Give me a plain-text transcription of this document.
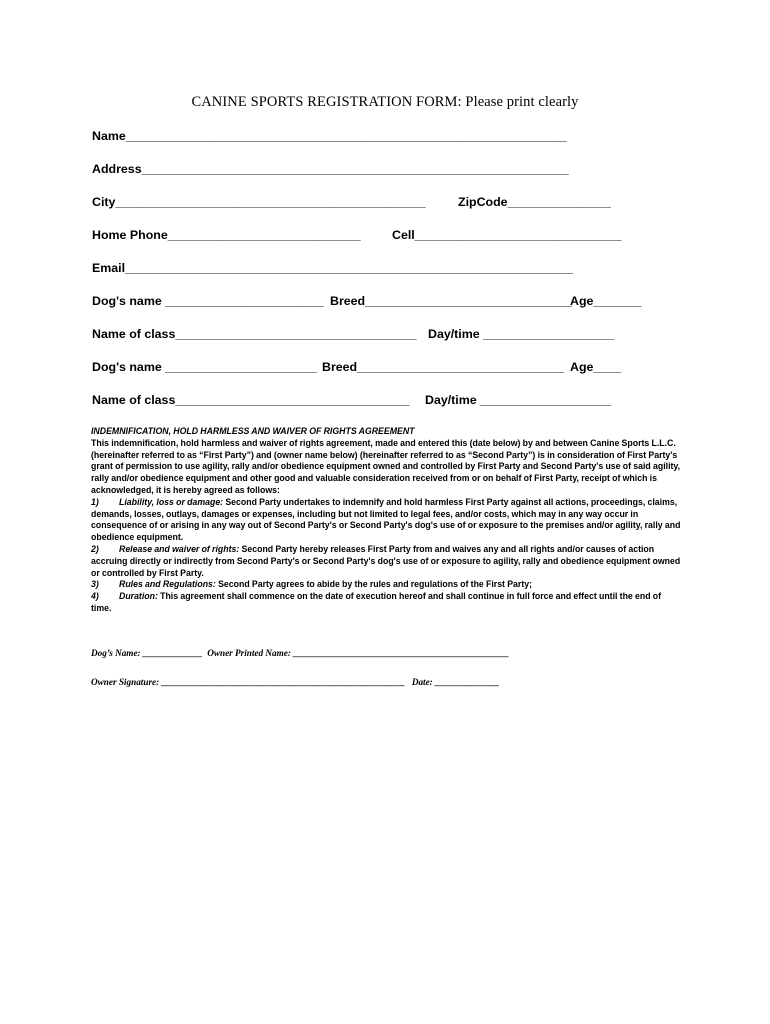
CANINE SPORTS REGISTRATION FORM: Please print clearly
Name________________________________________________________________
Address______________________________________________________________
City_____________________________________________	ZipCode_______________
Home Phone____________________________	Cell______________________________
Email_________________________________________________________________
Dog's name _______________________ Breed______________________________
Age_______
Name of class___________________________________ Day/time ___________________
Dog's name ______________________ Breed______________________________ Age____
Name of class__________________________________ Day/time ___________________

INDEMNIFICATION, HOLD HARMLESS AND WAIVER OF RIGHTS AGREEMENT

This indemnification, hold harmless and waiver of rights agreement, made and entered this (date below) by and between Canine Sports L.L.C. (hereinafter referred to as “First Party”) and (owner name below) (hereinafter referred to as “Second Party”) is in consideration of First Party's grant of permission to use agility, rally and/or obedience equipment owned and controlled by First Party and Second Party's use of said agility, rally and/or obedience equipment and other good and valuable consideration received from or on behalf of First Party, receipt of which is acknowledged, it is hereby agreed as follows:

1) Liability, loss or damage: Second Party undertakes to indemnify and hold harmless First Party against all actions, proceedings, claims, demands, losses, outlays, damages or expenses, including but not limited to legal fees, and/or costs, which may in any way occur in consequence of or arising in any way out of Second Party's or Second Party's dog's use of or exposure to the premises and/or agility, rally and obedience equipment.

2) Release and waiver of rights: Second Party hereby releases First Party from and waives any and all rights and/or causes of action accruing directly or indirectly from Second Party's or Second Party's dog's use of or exposure to agility, rally and obedience equipment owned or controlled by First Party.

3) Rules and Regulations: Second Party agrees to abide by the rules and regulations of the First Party;

4) Duration: This agreement shall commence on the date of execution hereof and shall continue in full force and effect until the end of time.

Dog’s Name: _____________ Owner Printed Name: _______________________________________________
Owner Signature: _____________________________________________________ Date: ______________
